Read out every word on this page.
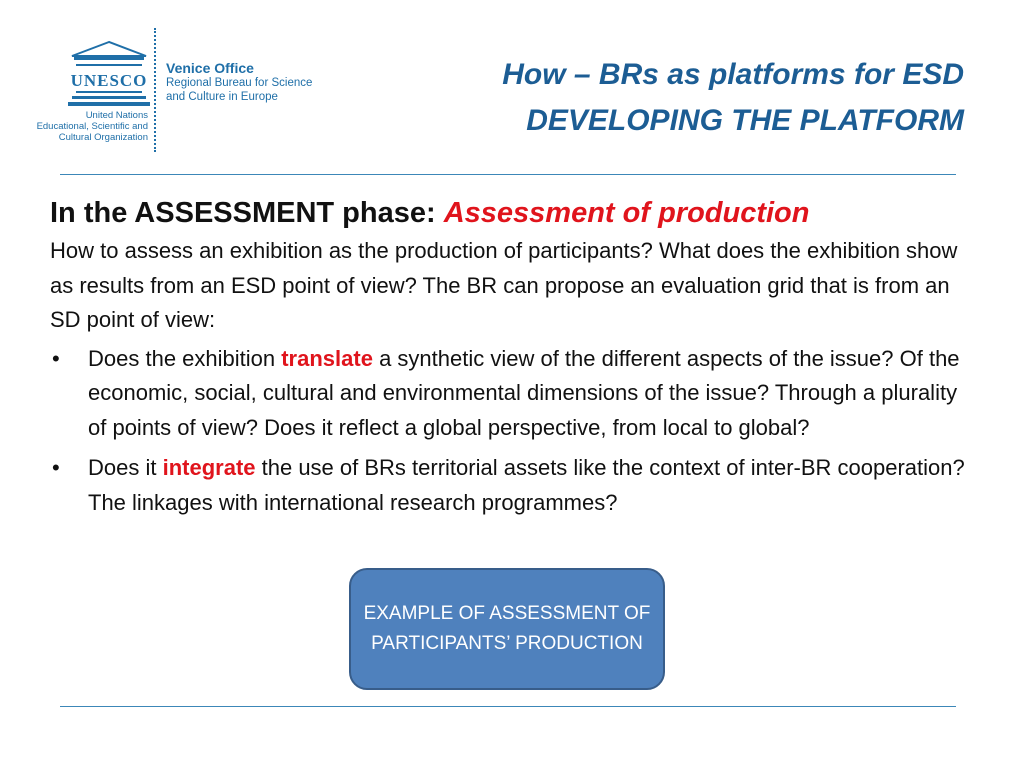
UNESCO
United Nations
Educational, Scientific and
Cultural Organization
Venice Office
Regional Bureau for Science
and Culture in Europe
How – BRs as platforms for ESD
DEVELOPING THE PLATFORM
In the ASSESSMENT phase: Assessment of production

How to assess an exhibition as the production of participants? What does the exhibition show as results from an ESD point of view? The BR can propose an evaluation grid that is from an SD point of view:

• Does the exhibition translate a synthetic view of the different aspects of the issue? Of the economic, social, cultural and environmental dimensions of the issue? Through a plurality of points of view? Does it reflect a global perspective, from local to global?
• Does it integrate the use of BRs territorial assets like the context of inter-BR cooperation? The linkages with international research programmes?
EXAMPLE OF ASSESSMENT OF PARTICIPANTS’ PRODUCTION
